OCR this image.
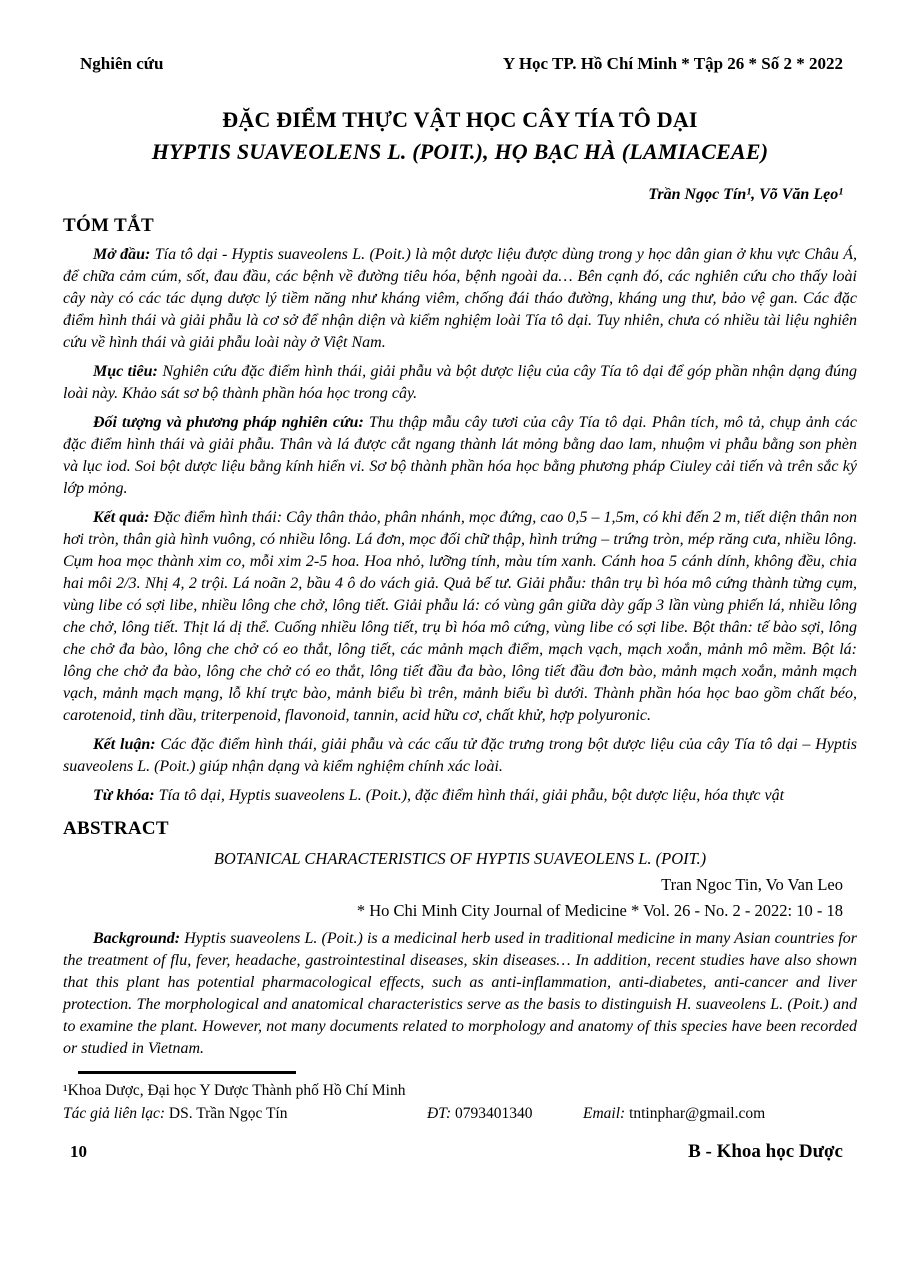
Nghiên cứu	Y Học TP. Hồ Chí Minh * Tập 26 * Số 2 * 2022
ĐẶC ĐIỂM THỰC VẬT HỌC CÂY TÍA TÔ DẠI
HYPTIS SUAVEOLENS L. (POIT.), HỌ BẠC HÀ (LAMIACEAE)
Trần Ngọc Tín¹, Võ Văn Lẹo¹
TÓM TẮT

Mở đầu: Tía tô dại - Hyptis suaveolens L. (Poit.) là một dược liệu được dùng trong y học dân gian ở khu vực Châu Á, để chữa cảm cúm, sốt, đau đầu, các bệnh về đường tiêu hóa, bệnh ngoài da… Bên cạnh đó, các nghiên cứu cho thấy loài cây này có các tác dụng dược lý tiềm năng như kháng viêm, chống đái tháo đường, kháng ung thư, bảo vệ gan. Các đặc điểm hình thái và giải phẫu là cơ sở để nhận diện và kiểm nghiệm loài Tía tô dại. Tuy nhiên, chưa có nhiều tài liệu nghiên cứu về hình thái và giải phẫu loài này ở Việt Nam.

Mục tiêu: Nghiên cứu đặc điểm hình thái, giải phẫu và bột dược liệu của cây Tía tô dại để góp phần nhận dạng đúng loài này. Khảo sát sơ bộ thành phần hóa học trong cây.

Đối tượng và phương pháp nghiên cứu: Thu thập mẫu cây tươi của cây Tía tô dại. Phân tích, mô tả, chụp ảnh các đặc điểm hình thái và giải phẫu. Thân và lá được cắt ngang thành lát mỏng bằng dao lam, nhuộm vi phẫu bằng son phèn và lục iod. Soi bột dược liệu bằng kính hiển vi. Sơ bộ thành phần hóa học bằng phương pháp Ciuley cải tiến và trên sắc ký lớp mỏng.

Kết quả: Đặc điểm hình thái: Cây thân thảo, phân nhánh, mọc đứng, cao 0,5 – 1,5m, có khi đến 2 m, tiết diện thân non hơi tròn, thân già hình vuông, có nhiều lông. Lá đơn, mọc đối chữ thập, hình trứng – trứng tròn, mép răng cưa, nhiều lông. Cụm hoa mọc thành xim co, mỗi xim 2-5 hoa. Hoa nhỏ, lưỡng tính, màu tím xanh. Cánh hoa 5 cánh dính, không đều, chia hai môi 2/3. Nhị 4, 2 trội. Lá noãn 2, bầu 4 ô do vách giả. Quả bế tư. Giải phẫu: thân trụ bì hóa mô cứng thành từng cụm, vùng libe có sợi libe, nhiều lông che chở, lông tiết. Giải phẫu lá: có vùng gân giữa dày gấp 3 lần vùng phiến lá, nhiều lông che chở, lông tiết. Thịt lá dị thể. Cuống nhiều lông tiết, trụ bì hóa mô cứng, vùng libe có sợi libe. Bột thân: tế bào sợi, lông che chở đa bào, lông che chở có eo thắt, lông tiết, các mảnh mạch điểm, mạch vạch, mạch xoắn, mảnh mô mềm. Bột lá: lông che chở đa bào, lông che chở có eo thắt, lông tiết đầu đa bào, lông tiết đầu đơn bào, mảnh mạch xoắn, mảnh mạch vạch, mảnh mạch mạng, lỗ khí trực bào, mảnh biểu bì trên, mảnh biểu bì dưới. Thành phần hóa học bao gồm chất béo, carotenoid, tinh dầu, triterpenoid, flavonoid, tannin, acid hữu cơ, chất khử, hợp polyuronic.

Kết luận: Các đặc điểm hình thái, giải phẫu và các cấu tử đặc trưng trong bột dược liệu của cây Tía tô dại – Hyptis suaveolens L. (Poit.) giúp nhận dạng và kiểm nghiệm chính xác loài.

Từ khóa: Tía tô dại, Hyptis suaveolens L. (Poit.), đặc điểm hình thái, giải phẫu, bột dược liệu, hóa thực vật

ABSTRACT
BOTANICAL CHARACTERISTICS OF HYPTIS SUAVEOLENS L. (POIT.)
Tran Ngoc Tin, Vo Van Leo
* Ho Chi Minh City Journal of Medicine * Vol. 26 - No. 2 - 2022: 10 - 18

Background: Hyptis suaveolens L. (Poit.) is a medicinal herb used in traditional medicine in many Asian countries for the treatment of flu, fever, headache, gastrointestinal diseases, skin diseases… In addition, recent studies have also shown that this plant has potential pharmacological effects, such as anti-inflammation, anti-diabetes, anti-cancer and liver protection. The morphological and anatomical characteristics serve as the basis to distinguish H. suaveolens L. (Poit.) and to examine the plant. However, not many documents related to morphology and anatomy of this species have been recorded or studied in Vietnam.

¹Khoa Dược, Đại học Y Dược Thành phố Hồ Chí Minh
Tác giả liên lạc: DS. Trần Ngọc Tín	ĐT: 0793401340	Email: tntinphar@gmail.com
10	B - Khoa học Dược
